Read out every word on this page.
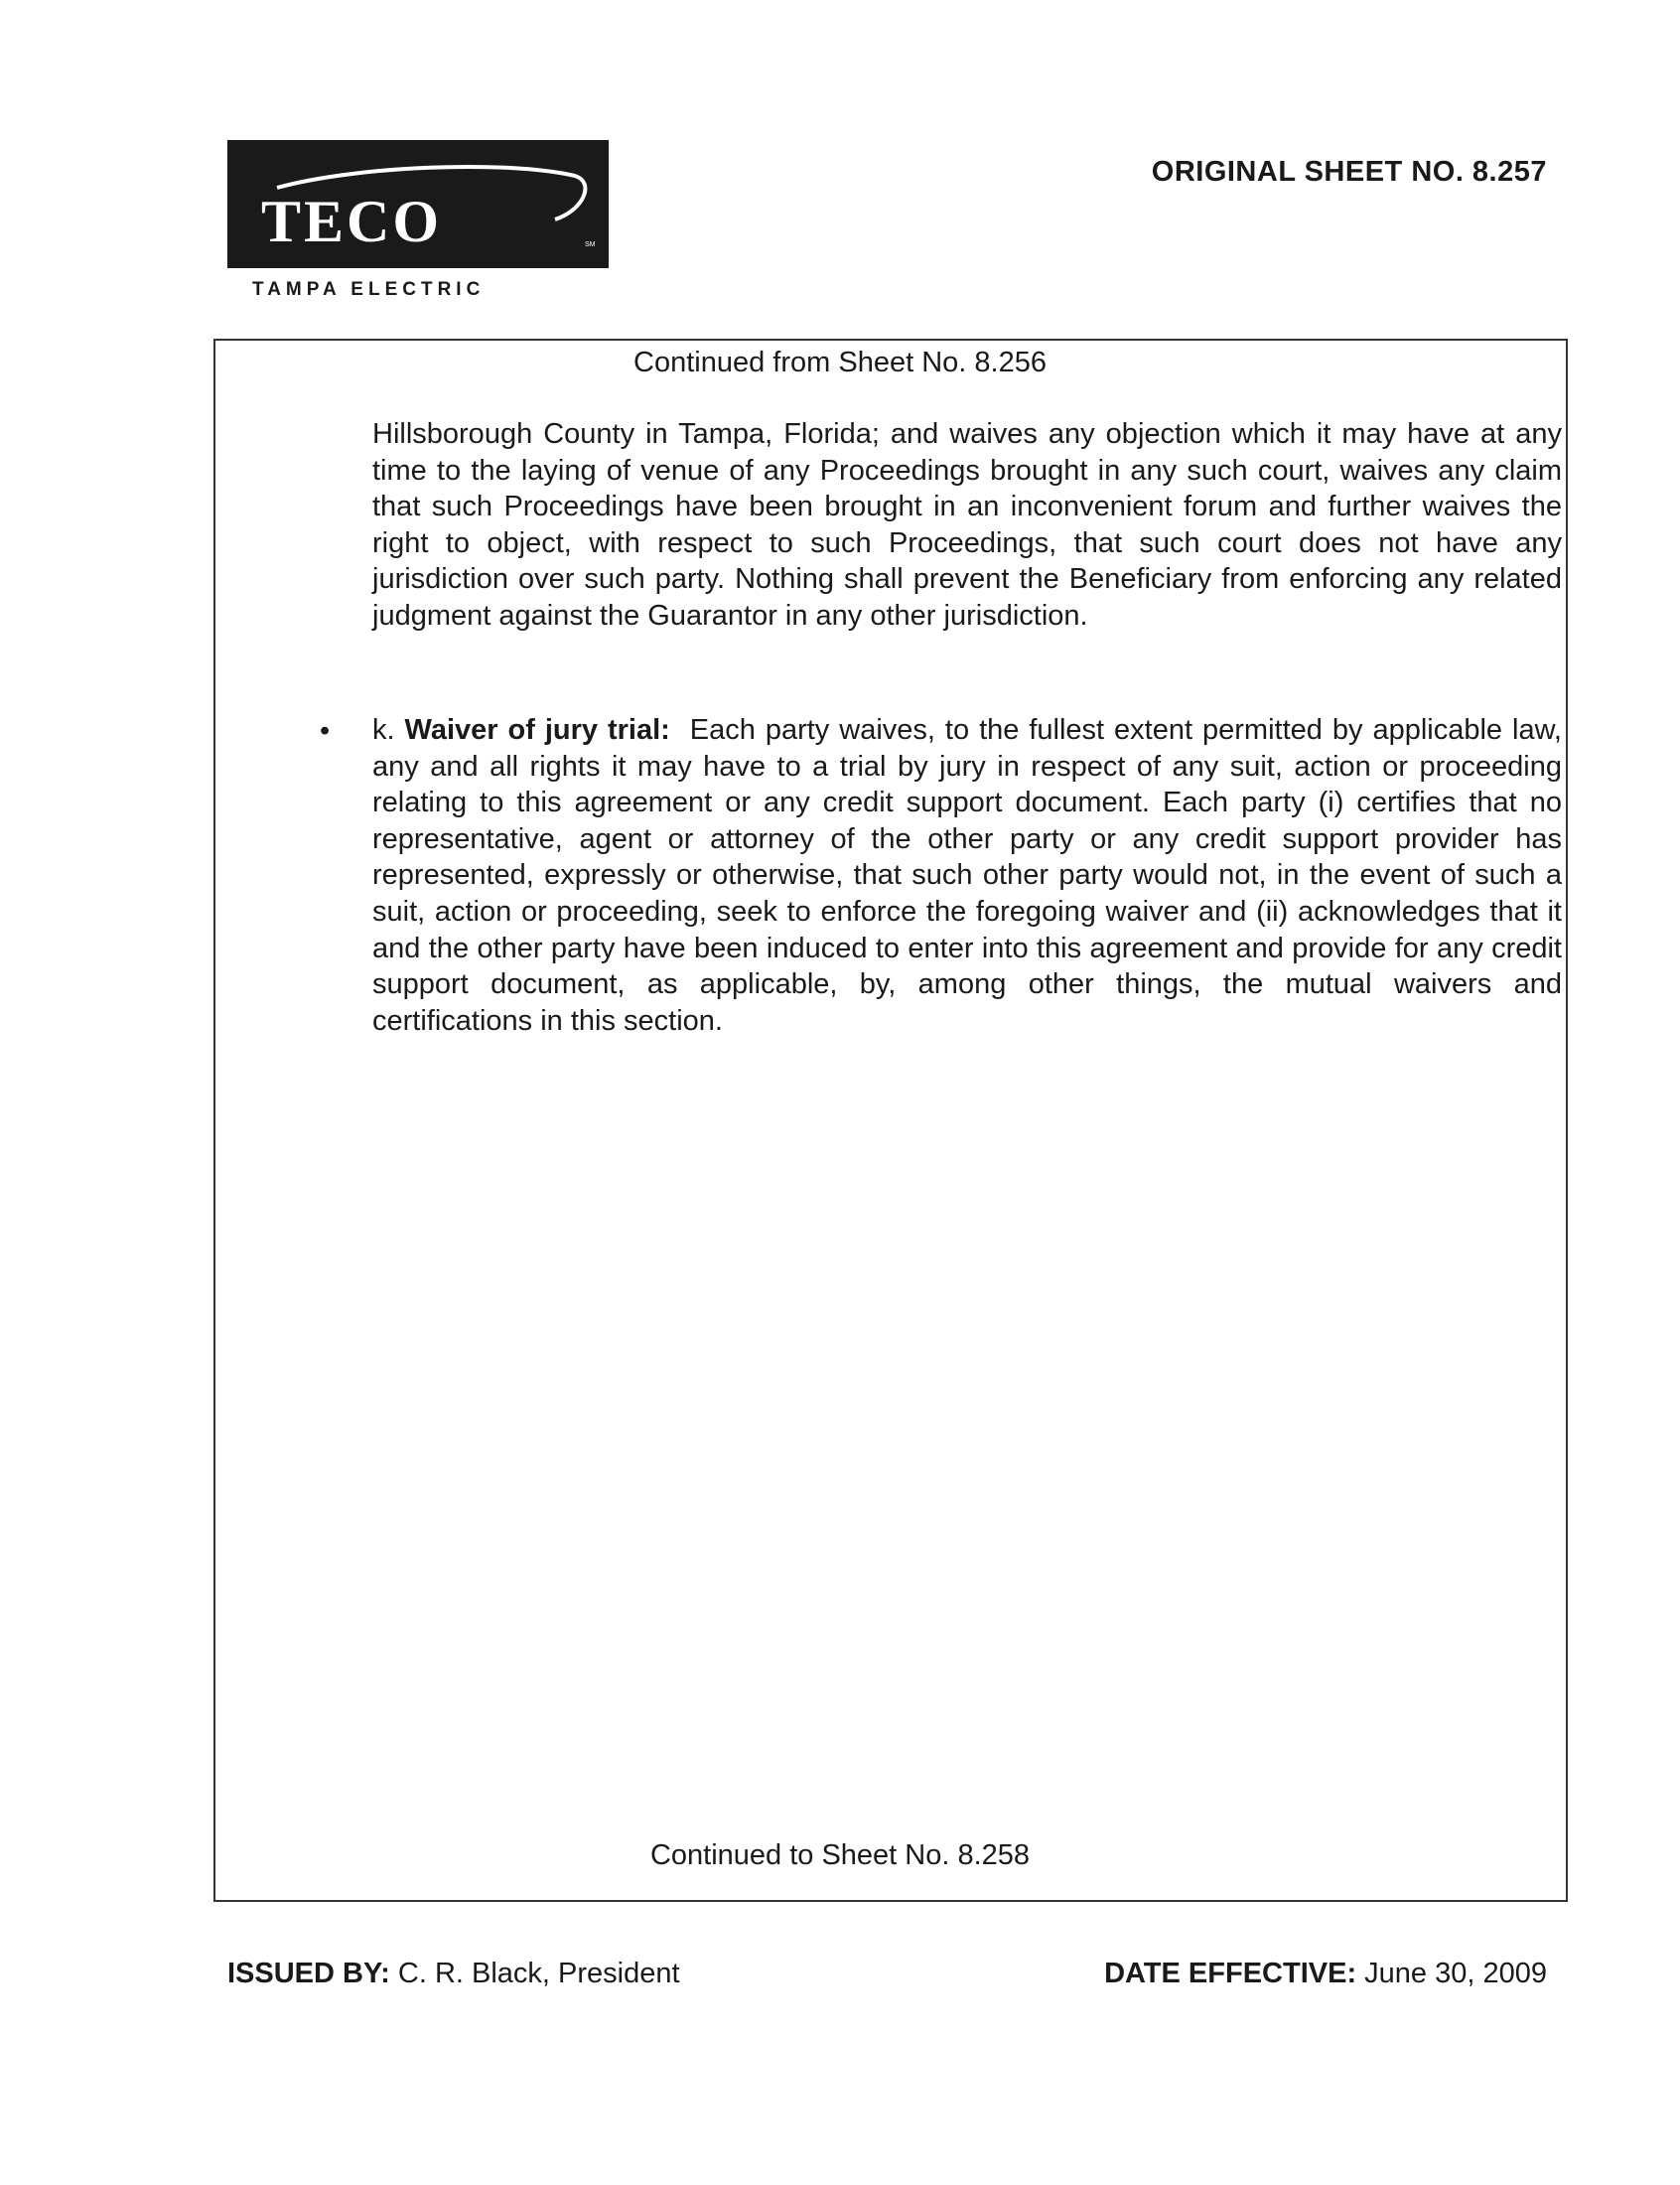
TECO	SM
TAMPA ELECTRIC
ORIGINAL SHEET NO. 8.257
Continued from Sheet No. 8.256
Hillsborough County in Tampa, Florida; and waives any objection which it may have at any time to the laying of venue of any Proceedings brought in any such court, waives any claim that such Proceedings have been brought in an inconvenient forum and further waives the right to object, with respect to such Proceedings, that such court does not have any jurisdiction over such party. Nothing shall prevent the Beneficiary from enforcing any related judgment against the Guarantor in any other jurisdiction.
• k. Waiver of jury trial: Each party waives, to the fullest extent permitted by applicable law, any and all rights it may have to a trial by jury in respect of any suit, action or proceeding relating to this agreement or any credit support document. Each party (i) certifies that no representative, agent or attorney of the other party or any credit support provider has represented, expressly or otherwise, that such other party would not, in the event of such a suit, action or proceeding, seek to enforce the foregoing waiver and (ii) acknowledges that it and the other party have been induced to enter into this agreement and provide for any credit support document, as applicable, by, among other things, the mutual waivers and certifications in this section.
Continued to Sheet No. 8.258
ISSUED BY: C. R. Black, President	DATE EFFECTIVE: June 30, 2009
